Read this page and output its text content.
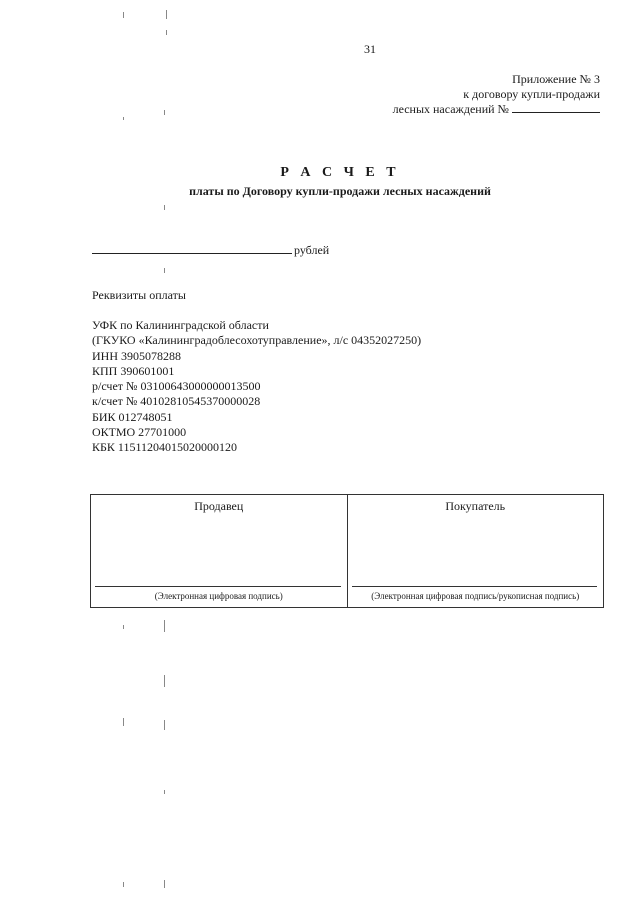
31
Приложение № 3
к договору купли-продажи
лесных насаждений №
Р А С Ч Е Т
платы по Договору купли-продажи лесных насаждений
рублей
Реквизиты оплаты
УФК по Калининградской области
(ГКУКО «Калининградоблесохотуправление», л/с 04352027250)
ИНН 3905078288
КПП 390601001
р/счет № 03100643000000013500
к/счет № 40102810545370000028
БИК 012748051
ОКТМО 27701000
КБК 11511204015020000120
Продавец
(Электронная цифровая подпись)

Покупатель
(Электронная цифровая подпись/рукописная подпись)
